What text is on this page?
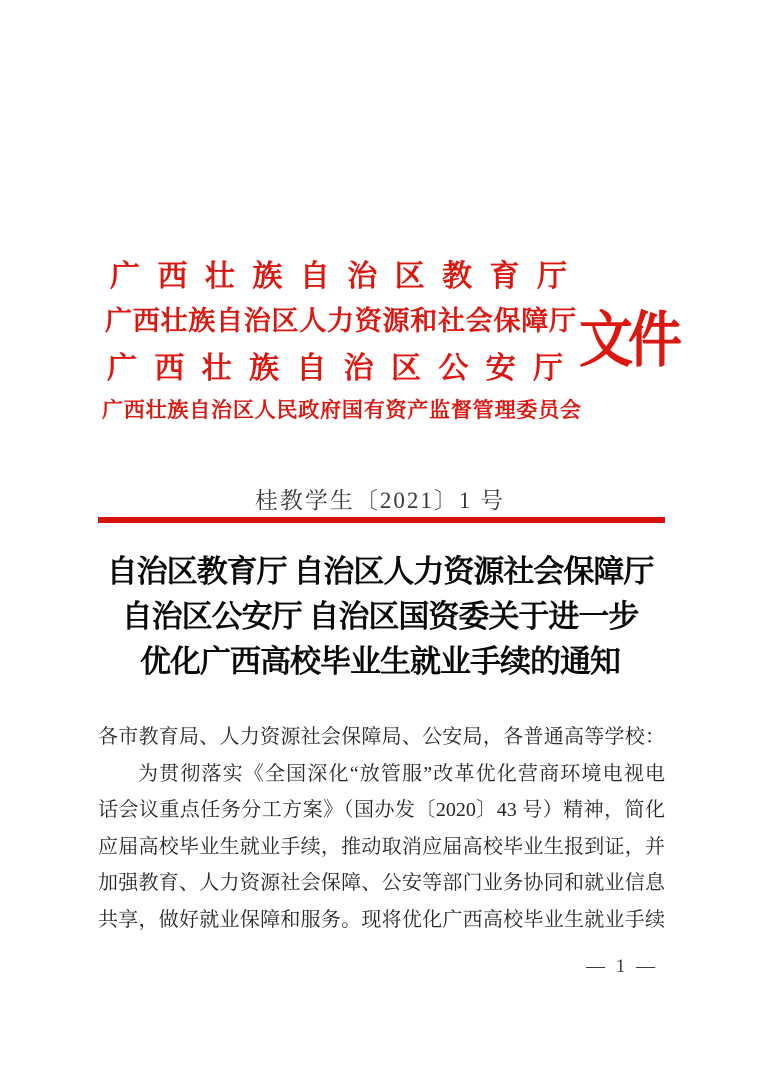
广西壮族自治区教育厅
广西壮族自治区人力资源和社会保障厅
广西壮族自治区公安厅
广西壮族自治区人民政府国有资产监督管理委员会
文件
桂教学生〔2021〕1 号
自治区教育厅 自治区人力资源社会保障厅
自治区公安厅 自治区国资委关于进一步
优化广西高校毕业生就业手续的通知
各市教育局、人力资源社会保障局、公安局，各普通高等学校：
为贯彻落实《全国深化“放管服”改革优化营商环境电视电
话会议重点任务分工方案》（国办发〔2020〕43 号）精神，简化
应届高校毕业生就业手续，推动取消应届高校毕业生报到证，并
加强教育、人力资源社会保障、公安等部门业务协同和就业信息
共享，做好就业保障和服务。现将优化广西高校毕业生就业手续
— 1 —
